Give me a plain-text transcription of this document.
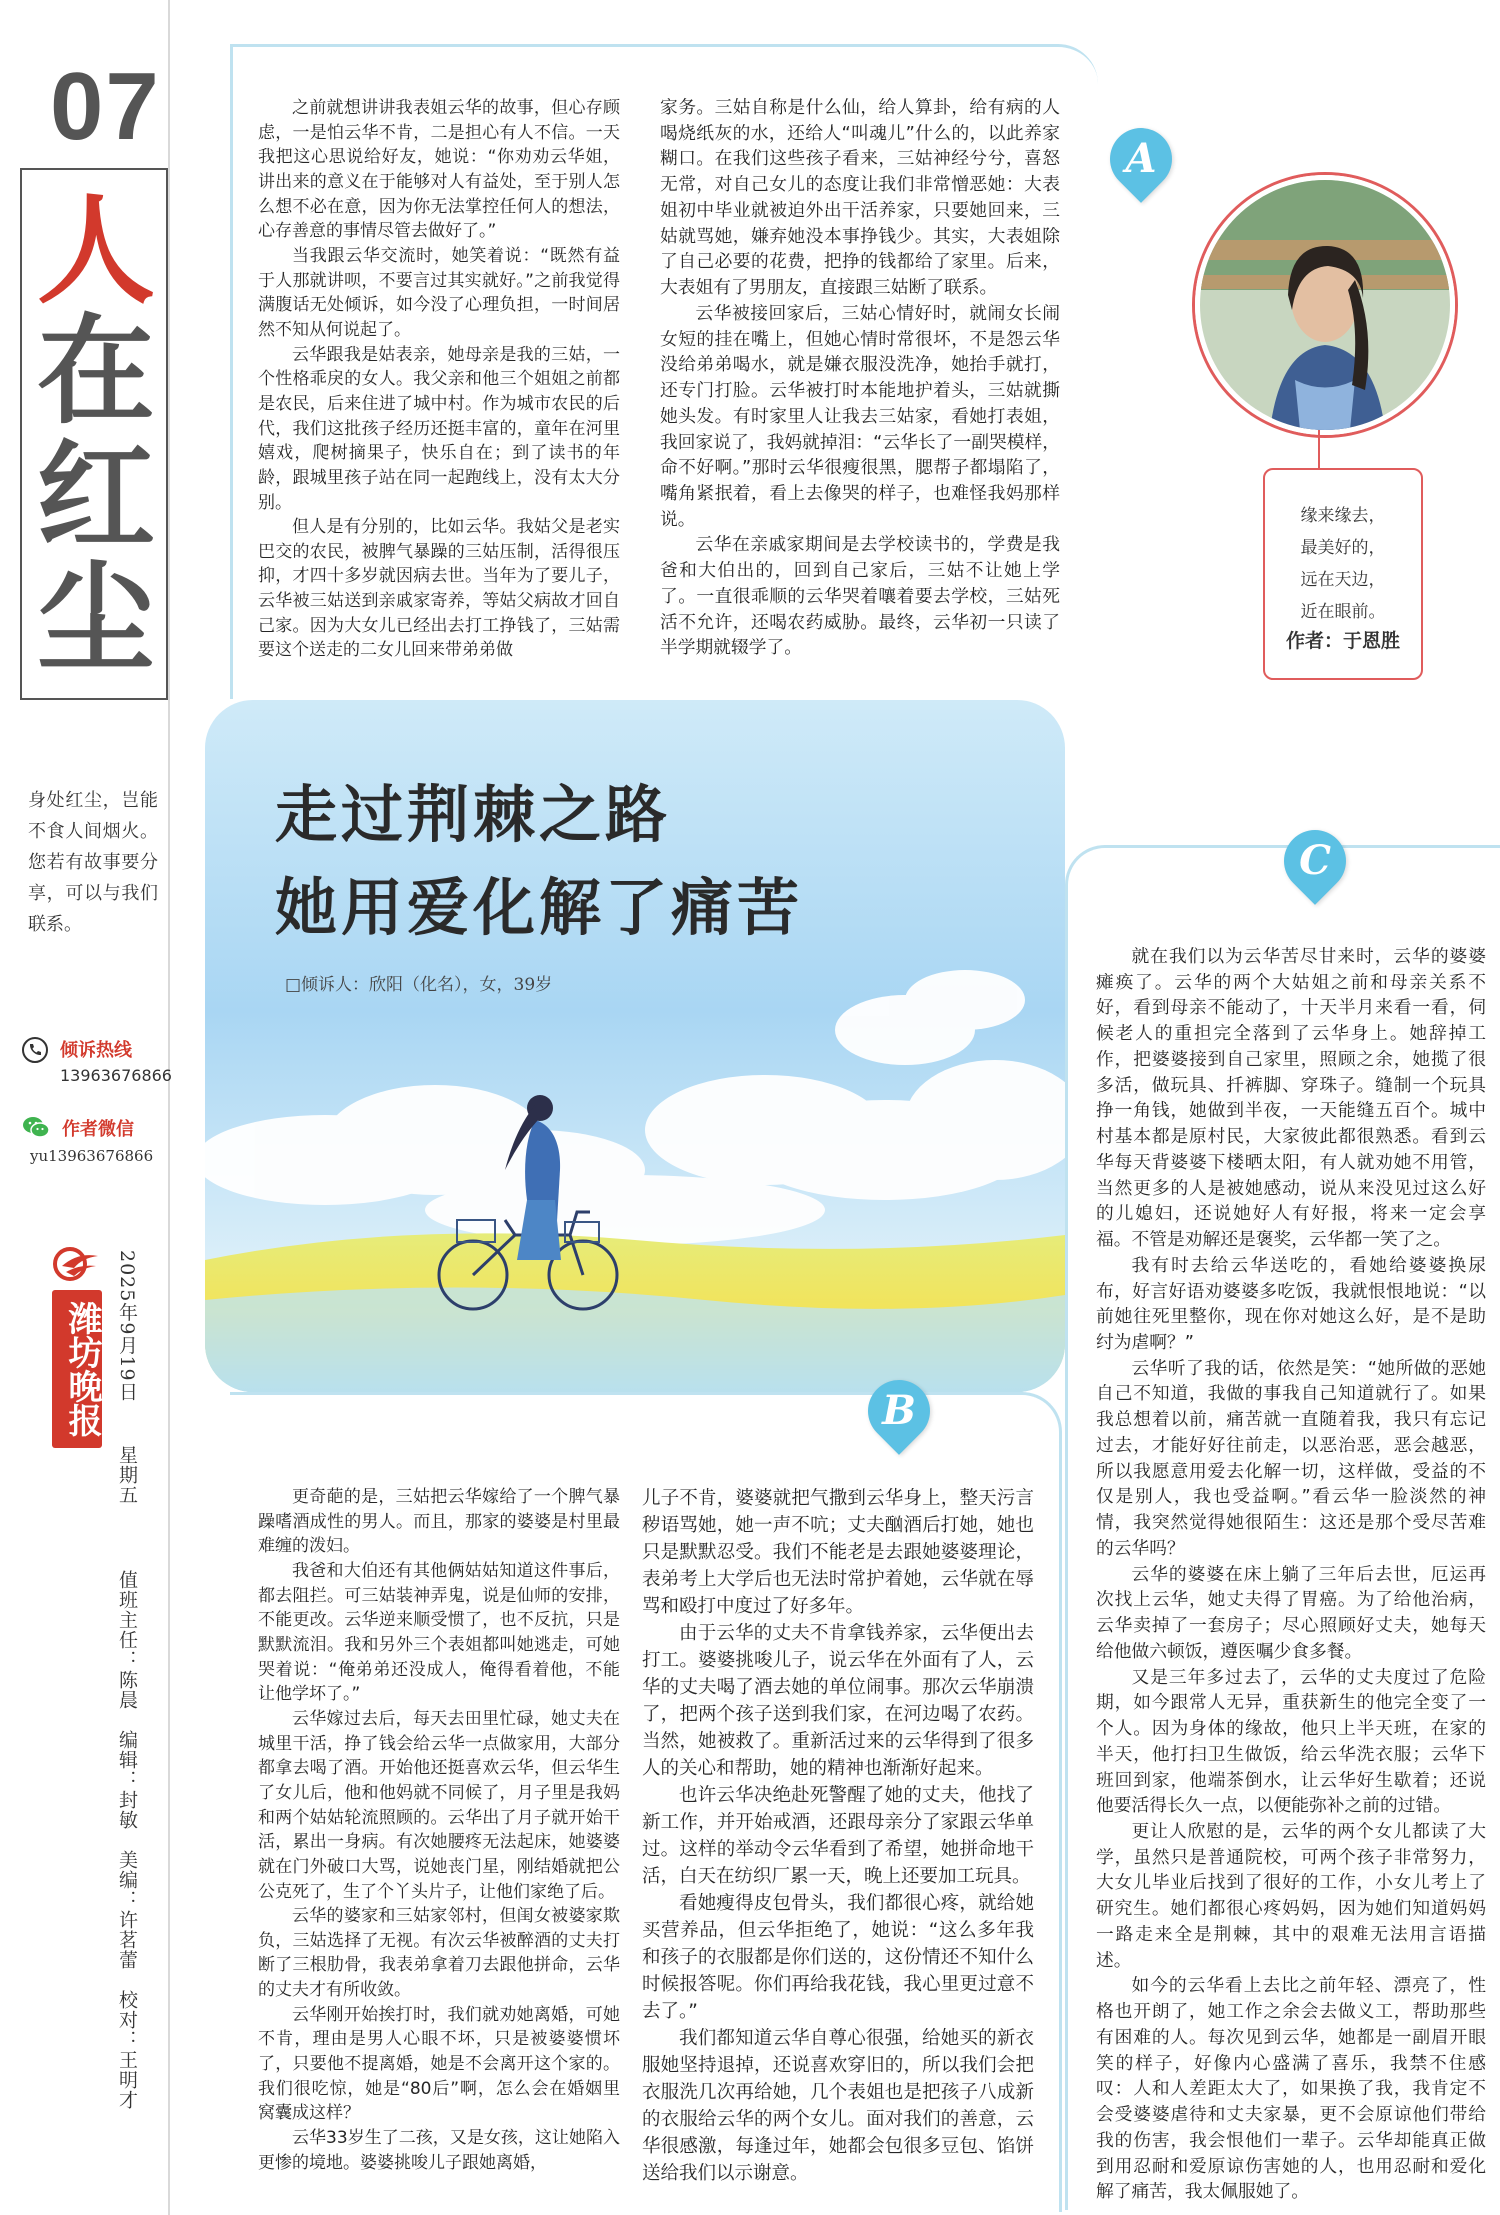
07
人
在
红
尘
身处红尘，岂能不食人间烟火。您若有故事要分享，可以与我们联系。
倾诉热线
13963676866
作者微信
yu13963676866
潍坊晚报 2025年9月19日
星期五
值班主任：陈晨　编辑：封敏　美编：许茗蕾　校对：王明才
走过荆棘之路
她用爱化解了痛苦
□倾诉人：欣阳（化名），女，39岁
A
B
C
缘来缘去，
最美好的，
远在天边，
近在眼前。
作者：于恩胜

之前就想讲讲我表姐云华的故事，但心存顾虑，一是怕云华不肯，二是担心有人不信。一天我把这心思说给好友，她说：“你劝劝云华姐，讲出来的意义在于能够对人有益处，至于别人怎么想不必在意，因为你无法掌控任何人的想法，心存善意的事情尽管去做好了。”

当我跟云华交流时，她笑着说：“既然有益于人那就讲呗，不要言过其实就好。”之前我觉得满腹话无处倾诉，如今没了心理负担，一时间居然不知从何说起了。

云华跟我是姑表亲，她母亲是我的三姑，一个性格乖戾的女人。我父亲和他三个姐姐之前都是农民，后来住进了城中村。作为城市农民的后代，我们这批孩子经历还挺丰富的，童年在河里嬉戏，爬树摘果子，快乐自在；到了读书的年龄，跟城里孩子站在同一起跑线上，没有太大分别。

但人是有分别的，比如云华。我姑父是老实巴交的农民，被脾气暴躁的三姑压制，活得很压抑，才四十多岁就因病去世。当年为了要儿子，云华被三姑送到亲戚家寄养，等姑父病故才回自己家。因为大女儿已经出去打工挣钱了，三姑需要这个送走的二女儿回来带弟弟做

家务。三姑自称是什么仙，给人算卦，给有病的人喝烧纸灰的水，还给人“叫魂儿”什么的，以此养家糊口。在我们这些孩子看来，三姑神经兮兮，喜怒无常，对自己女儿的态度让我们非常憎恶她：大表姐初中毕业就被迫外出干活养家，只要她回来，三姑就骂她，嫌弃她没本事挣钱少。其实，大表姐除了自己必要的花费，把挣的钱都给了家里。后来，大表姐有了男朋友，直接跟三姑断了联系。

云华被接回家后，三姑心情好时，就闹女长闹女短的挂在嘴上，但她心情时常很坏，不是怨云华没给弟弟喝水，就是嫌衣服没洗净，她抬手就打，还专门打脸。云华被打时本能地护着头，三姑就撕她头发。有时家里人让我去三姑家，看她打表姐，我回家说了，我妈就掉泪：“云华长了一副哭模样，命不好啊。”那时云华很瘦很黑，腮帮子都塌陷了，嘴角紧抿着，看上去像哭的样子，也难怪我妈那样说。

云华在亲戚家期间是去学校读书的，学费是我爸和大伯出的，回到自己家后，三姑不让她上学了。一直很乖顺的云华哭着嚷着要去学校，三姑死活不允许，还喝农药威胁。最终，云华初一只读了半学期就辍学了。

更奇葩的是，三姑把云华嫁给了一个脾气暴躁嗜酒成性的男人。而且，那家的婆婆是村里最难缠的泼妇。

我爸和大伯还有其他俩姑姑知道这件事后，都去阻拦。可三姑装神弄鬼，说是仙师的安排，不能更改。云华逆来顺受惯了，也不反抗，只是默默流泪。我和另外三个表姐都叫她逃走，可她哭着说：“俺弟弟还没成人，俺得看着他，不能让他学坏了。”

云华嫁过去后，每天去田里忙碌，她丈夫在城里干活，挣了钱会给云华一点做家用，大部分都拿去喝了酒。开始他还挺喜欢云华，但云华生了女儿后，他和他妈就不同候了，月子里是我妈和两个姑姑轮流照顾的。云华出了月子就开始干活，累出一身病。有次她腰疼无法起床，她婆婆就在门外破口大骂，说她丧门星，刚结婚就把公公克死了，生了个丫头片子，让他们家绝了后。

云华的婆家和三姑家邻村，但闺女被婆家欺负，三姑选择了无视。有次云华被醉酒的丈夫打断了三根肋骨，我表弟拿着刀去跟他拼命，云华的丈夫才有所收敛。

云华刚开始挨打时，我们就劝她离婚，可她不肯，理由是男人心眼不坏，只是被婆婆惯坏了，只要他不提离婚，她是不会离开这个家的。我们很吃惊，她是“80后”啊，怎么会在婚姻里窝囊成这样？

云华33岁生了二孩，又是女孩，这让她陷入更惨的境地。婆婆挑唆儿子跟她离婚，

儿子不肯，婆婆就把气撒到云华身上，整天污言秽语骂她，她一声不吭；丈夫酗酒后打她，她也只是默默忍受。我们不能老是去跟她婆婆理论，表弟考上大学后也无法时常护着她，云华就在辱骂和殴打中度过了好多年。

由于云华的丈夫不肯拿钱养家，云华便出去打工。婆婆挑唆儿子，说云华在外面有了人，云华的丈夫喝了酒去她的单位闹事。那次云华崩溃了，把两个孩子送到我们家，在河边喝了农药。当然，她被救了。重新活过来的云华得到了很多人的关心和帮助，她的精神也渐渐好起来。

也许云华决绝赴死警醒了她的丈夫，他找了新工作，并开始戒酒，还跟母亲分了家跟云华单过。这样的举动令云华看到了希望，她拼命地干活，白天在纺织厂累一天，晚上还要加工玩具。

看她瘦得皮包骨头，我们都很心疼，就给她买营养品，但云华拒绝了，她说：“这么多年我和孩子的衣服都是你们送的，这份情还不知什么时候报答呢。你们再给我花钱，我心里更过意不去了。”

我们都知道云华自尊心很强，给她买的新衣服她坚持退掉，还说喜欢穿旧的，所以我们会把衣服洗几次再给她，几个表姐也是把孩子八成新的衣服给云华的两个女儿。面对我们的善意，云华很感激，每逢过年，她都会包很多豆包、馅饼送给我们以示谢意。

就在我们以为云华苦尽甘来时，云华的婆婆瘫痪了。云华的两个大姑姐之前和母亲关系不好，看到母亲不能动了，十天半月来看一看，伺候老人的重担完全落到了云华身上。她辞掉工作，把婆婆接到自己家里，照顾之余，她揽了很多活，做玩具、扦裤脚、穿珠子。缝制一个玩具挣一角钱，她做到半夜，一天能缝五百个。城中村基本都是原村民，大家彼此都很熟悉。看到云华每天背婆婆下楼晒太阳，有人就劝她不用管，当然更多的人是被她感动，说从来没见过这么好的儿媳妇，还说她好人有好报，将来一定会享福。不管是劝解还是褒奖，云华都一笑了之。

我有时去给云华送吃的，看她给婆婆换尿布，好言好语劝婆婆多吃饭，我就恨恨地说：“以前她往死里整你，现在你对她这么好，是不是助纣为虐啊？”

云华听了我的话，依然是笑：“她所做的恶她自己不知道，我做的事我自己知道就行了。如果我总想着以前，痛苦就一直随着我，我只有忘记过去，才能好好往前走，以恶治恶，恶会越恶，所以我愿意用爱去化解一切，这样做，受益的不仅是别人，我也受益啊。”看云华一脸淡然的神情，我突然觉得她很陌生：这还是那个受尽苦难的云华吗？

云华的婆婆在床上躺了三年后去世，厄运再次找上云华，她丈夫得了胃癌。为了给他治病，云华卖掉了一套房子；尽心照顾好丈夫，她每天给他做六顿饭，遵医嘱少食多餐。

又是三年多过去了，云华的丈夫度过了危险期，如今跟常人无异，重获新生的他完全变了一个人。因为身体的缘故，他只上半天班，在家的半天，他打扫卫生做饭，给云华洗衣服；云华下班回到家，他端茶倒水，让云华好生歇着；还说他要活得长久一点，以便能弥补之前的过错。

更让人欣慰的是，云华的两个女儿都读了大学，虽然只是普通院校，可两个孩子非常努力，大女儿毕业后找到了很好的工作，小女儿考上了研究生。她们都很心疼妈妈，因为她们知道妈妈一路走来全是荆棘，其中的艰难无法用言语描述。

如今的云华看上去比之前年轻、漂亮了，性格也开朗了，她工作之余会去做义工，帮助那些有困难的人。每次见到云华，她都是一副眉开眼笑的样子，好像内心盛满了喜乐，我禁不住感叹：人和人差距太大了，如果换了我，我肯定不会受婆婆虐待和丈夫家暴，更不会原谅他们带给我的伤害，我会恨他们一辈子。云华却能真正做到用忍耐和爱原谅伤害她的人，也用忍耐和爱化解了痛苦，我太佩服她了。
